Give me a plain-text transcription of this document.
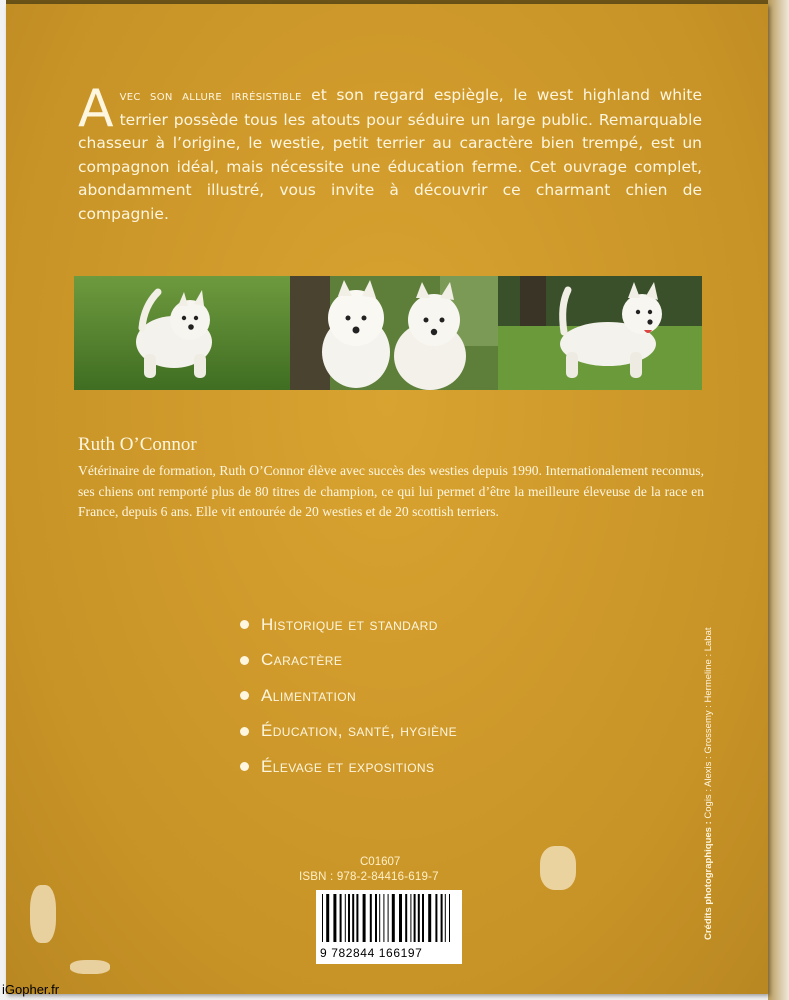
Avec son allure irrésistible et son regard espiègle, le west highland white terrier possède tous les atouts pour séduire un large public. Remarquable chasseur à l’origine, le westie, petit terrier au caractère bien trempé, est un compagnon idéal, mais nécessite une éducation ferme. Cet ouvrage complet, abondamment illustré, vous invite à découvrir ce charmant chien de compagnie.
Ruth O’Connor
Vétérinaire de formation, Ruth O’Connor élève avec succès des westies depuis 1990. Internationalement reconnus, ses chiens ont remporté plus de 80 titres de champion, ce qui lui permet d’être la meilleure éleveuse de la race en France, depuis 6 ans. Elle vit entourée de 20 westies et de 20 scottish terriers.
Historique et standard
Caractère
Alimentation
Éducation, santé, hygiène
Élevage et expositions
Crédits photographiques : Cogis : Alexis : Grossemy : Hermeline : Labat
C01607
ISBN : 978-2-84416-619-7
9 782844 166197
iGopher.fr
